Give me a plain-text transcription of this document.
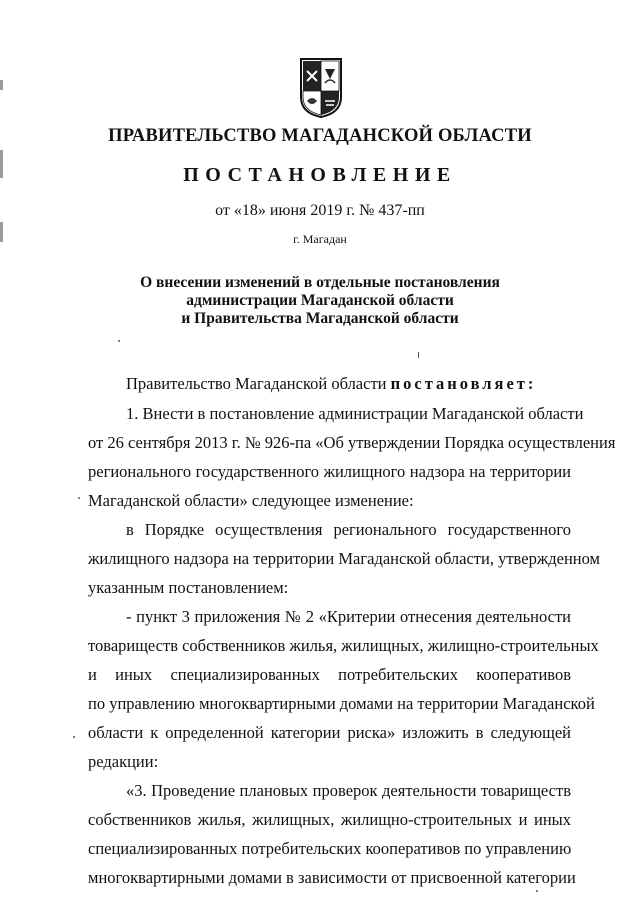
ПРАВИТЕЛЬСТВО МАГАДАНСКОЙ ОБЛАСТИ
ПОСТАНОВЛЕНИЕ
от «18» июня 2019 г. № 437-пп
г. Магадан
О внесении изменений в отдельные постановления
администрации Магаданской области
и Правительства Магаданской области
Правительство Магаданской области постановляет:
1. Внести в постановление администрации Магаданской области
от 26 сентября 2013 г. № 926-па «Об утверждении Порядка осуществления
регионального государственного жилищного надзора на территории
Магаданской области» следующее изменение:
в Порядке осуществления регионального государственного
жилищного надзора на территории Магаданской области, утвержденном
указанным постановлением:
- пункт 3 приложения № 2 «Критерии отнесения деятельности
товариществ собственников жилья, жилищных, жилищно-строительных
и иных специализированных потребительских кооперативов
по управлению многоквартирными домами на территории Магаданской
области к определенной категории риска» изложить в следующей
редакции:
«3. Проведение плановых проверок деятельности товариществ
собственников жилья, жилищных, жилищно-строительных и иных
специализированных потребительских кооперативов по управлению
многоквартирными домами в зависимости от присвоенной категории
